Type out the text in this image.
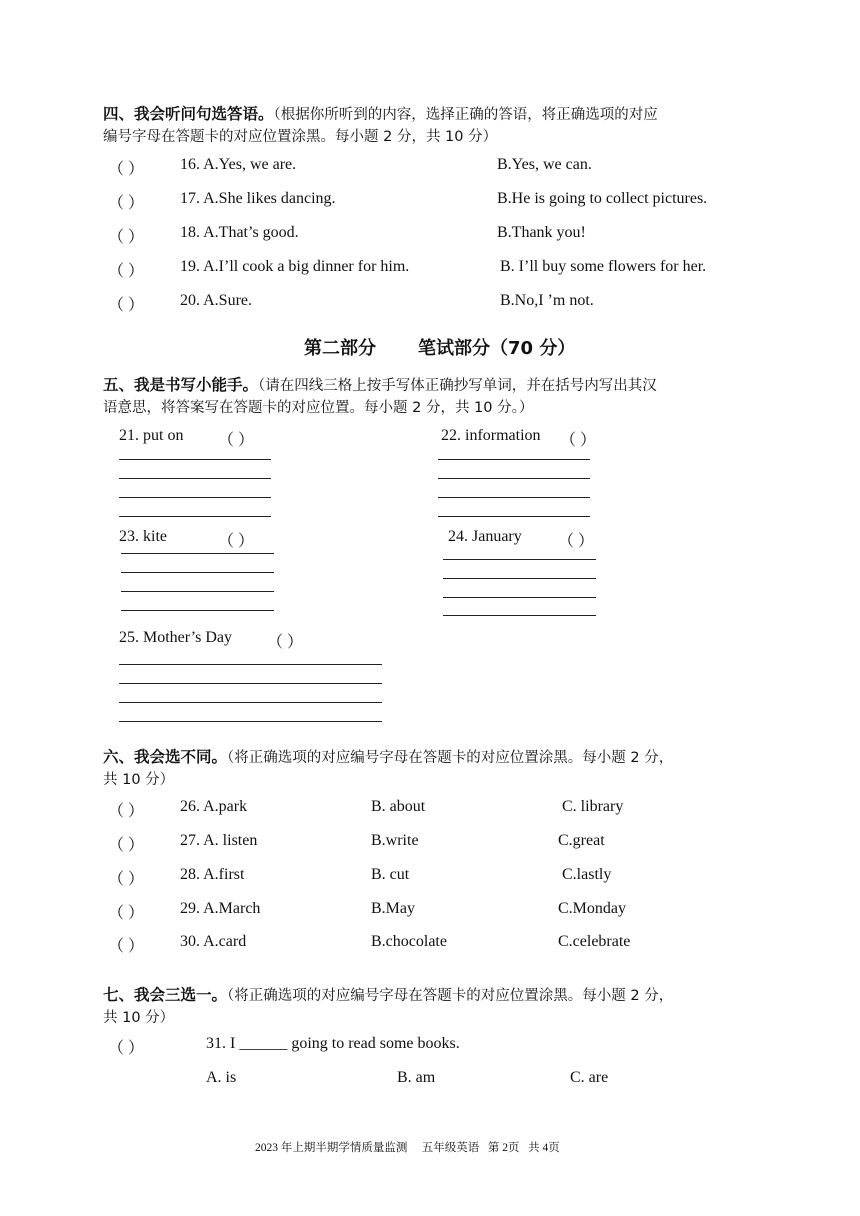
四、我会听问句选答语。（根据你所听到的内容，选择正确的答语，将正确选项的对应
编号字母在答题卡的对应位置涂黑。每小题 2 分，共 10 分）
（ ） 16. A.Yes, we are.	B.Yes, we can.
（ ） 17. A.She likes dancing.	B.He is going to collect pictures.
（ ） 18. A.That’s good.	B.Thank you!
（ ） 19. A.I’ll cook a big dinner for him.	B. I’ll buy some flowers for her.
（ ） 20. A.Sure.	B.No,I ’m not.
第二部分 笔试部分（70 分）
五、我是书写小能手。（请在四线三格上按手写体正确抄写单词，并在括号内写出其汉
语意思，将答案写在答题卡的对应位置。每小题 2 分，共 10 分。）
21. put on （ ）	22. information （ ）
23. kite	（ ）	24. January （ ）
25. Mother’s Day （ ）
六、我会选不同。（将正确选项的对应编号字母在答题卡的对应位置涂黑。每小题 2 分，
共 10 分）
（ ） 26. A.park	B. about	C. library
（ ） 27. A. listen	B.write	C.great
（ ） 28. A.first	B. cut	C.lastly
（ ） 29. A.March	B.May	C.Monday
（ ） 30. A.card	B.chocolate	C.celebrate
七、我会三选一。（将正确选项的对应编号字母在答题卡的对应位置涂黑。每小题 2 分，
共 10 分）
（ ）	31. I ______ going to read some books.
A. is	B. am	C. are
2023 年上期半期学情质量监测     五年级英语   第 2页   共 4页
